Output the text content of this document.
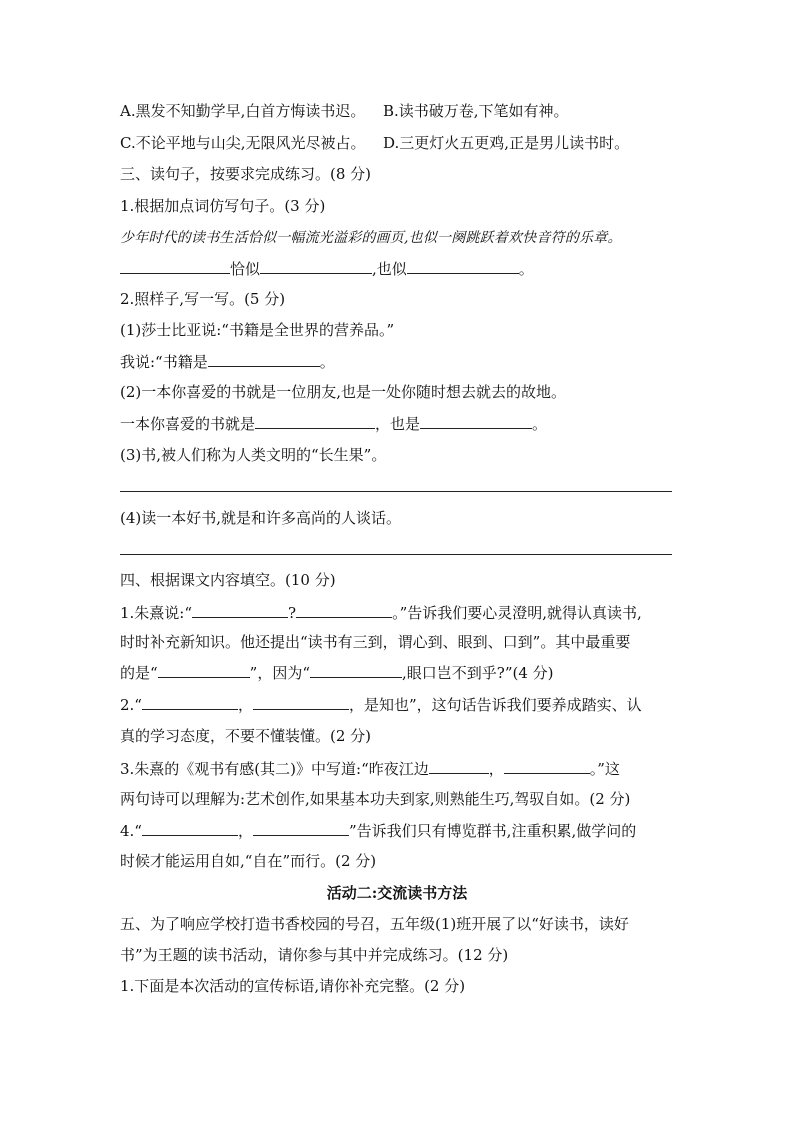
A.黑发不知勤学早,白首方悔读书迟。 B.读书破万卷,下笔如有神。
C.不论平地与山尖,无限风光尽被占。 D.三更灯火五更鸡,正是男儿读书时。
三、读句子，按要求完成练习。(8 分)
1.根据加点词仿写句子。(3 分)
少年时代的读书生活恰似一幅流光溢彩的画页,也似一阕跳跃着欢快音符的乐章。
恰似	,也似	。
2.照样子,写一写。(5 分)
(1)莎士比亚说:“书籍是全世界的营养品。”
我说:“书籍是	。
(2)一本你喜爱的书就是一位朋友,也是一处你随时想去就去的故地。
一本你喜爱的书就是	，也是	。
(3)书,被人们称为人类文明的“长生果”。
(4)读一本好书,就是和许多高尚的人谈话。
四、根据课文内容填空。(10 分)
1.朱熹说:“	?	。”告诉我们要心灵澄明,就得认真读书,
时时补充新知识。他还提出“读书有三到，谓心到、眼到、口到”。其中最重要
的是“	”，因为“	,眼口岂不到乎?”(4 分)
2.“	，	，是知也”，这句话告诉我们要养成踏实、认
真的学习态度，不要不懂装懂。(2 分)
3.朱熹的《观书有感(其二)》中写道:“昨夜江边	，	。”这
两句诗可以理解为:艺术创作,如果基本功夫到家,则熟能生巧,驾驭自如。(2 分)
4.“	，	”告诉我们只有博览群书,注重积累,做学问的
时候才能运用自如,“自在”而行。(2 分)
活动二:交流读书方法
五、为了响应学校打造书香校园的号召，五年级(1)班开展了以“好读书，读好
书”为王题的读书活动，请你参与其中并完成练习。(12 分)
1.下面是本次活动的宣传标语,请你补充完整。(2 分)
